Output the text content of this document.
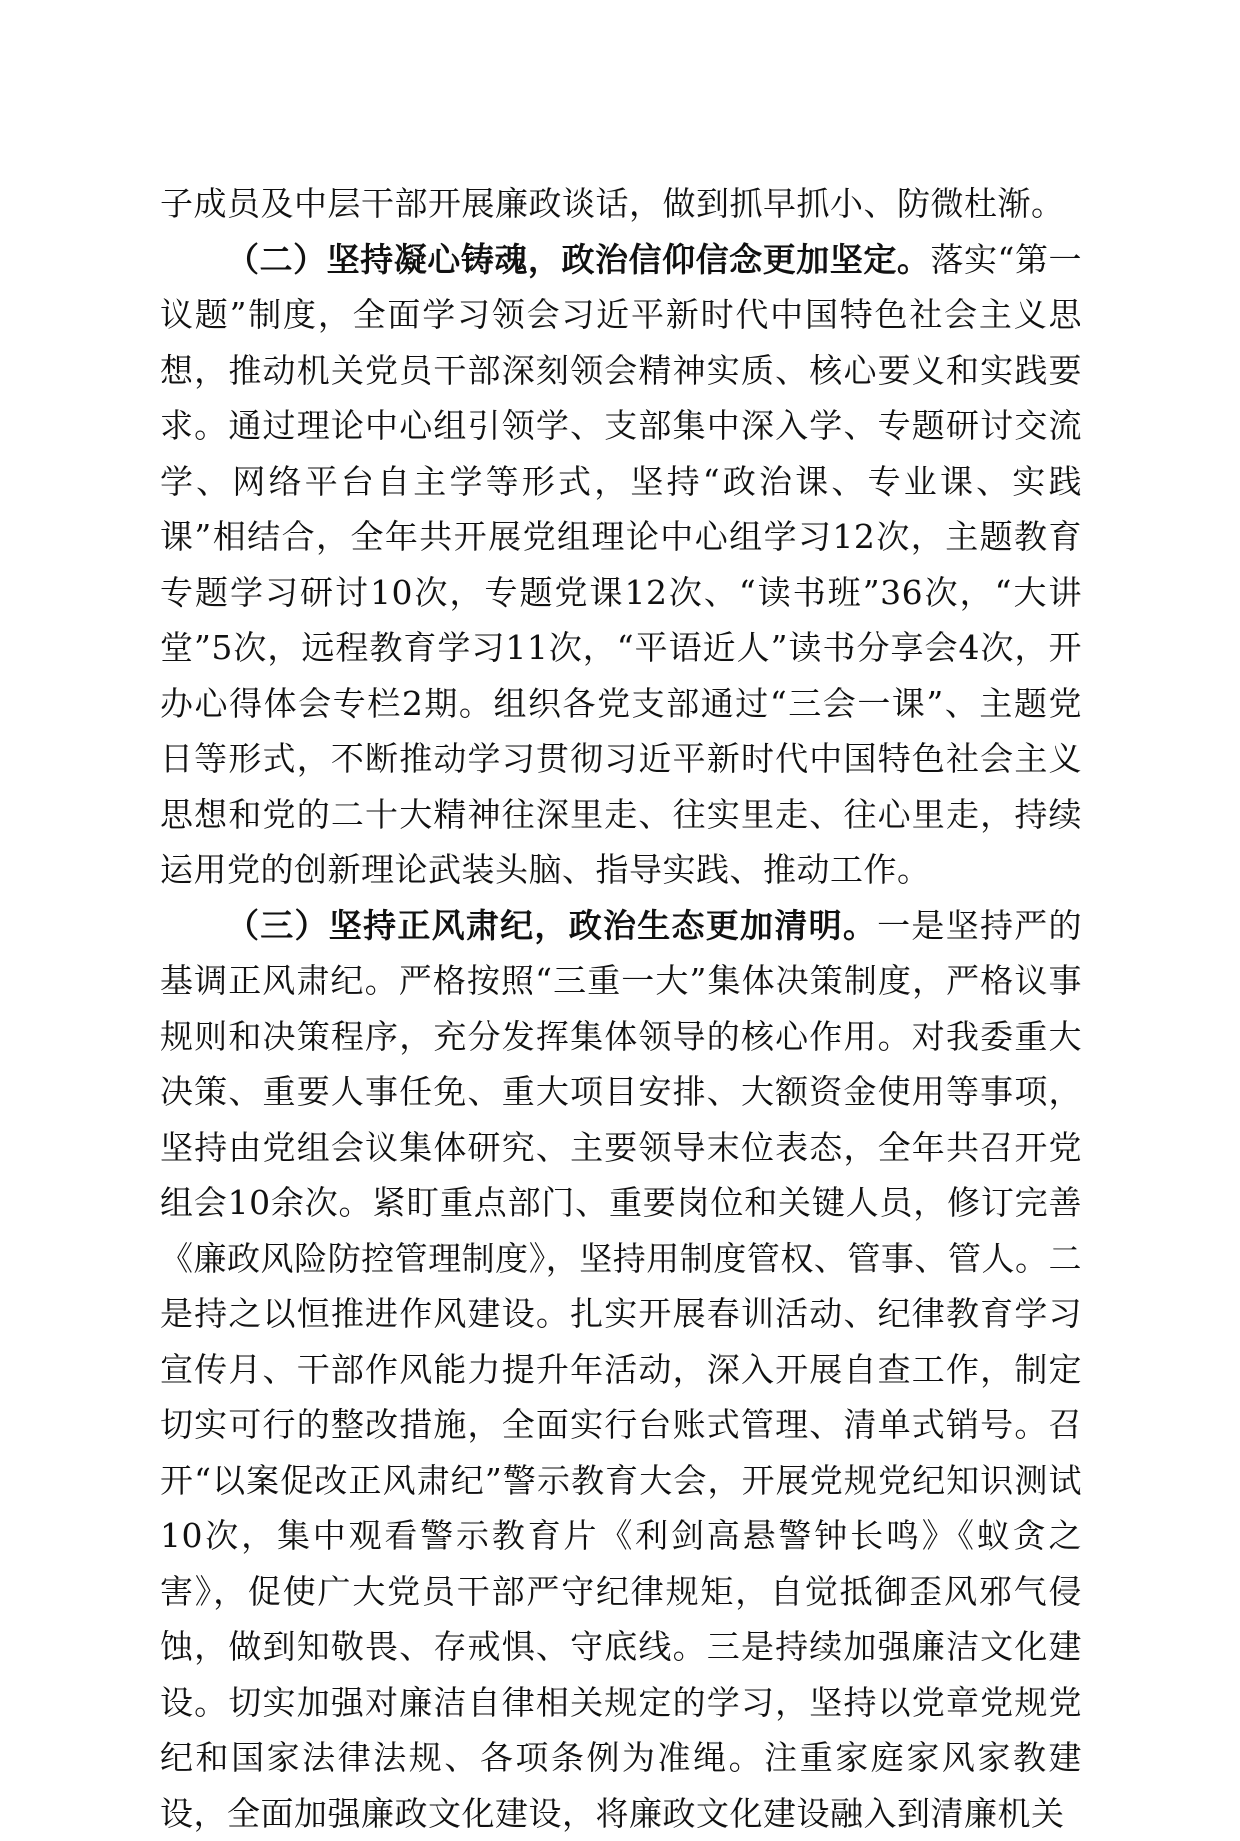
子成员及中层干部开展廉政谈话，做到抓早抓小、防微杜渐。

（二）坚持凝心铸魂，政治信仰信念更加坚定。落实“第一议题”制度，全面学习领会习近平新时代中国特色社会主义思想，推动机关党员干部深刻领会精神实质、核心要义和实践要求。通过理论中心组引领学、支部集中深入学、专题研讨交流学、网络平台自主学等形式，坚持“政治课、专业课、实践课”相结合，全年共开展党组理论中心组学习12次，主题教育专题学习研讨10次，专题党课12次、“读书班”36次，“大讲堂”5次，远程教育学习11次，“平语近人”读书分享会4次，开办心得体会专栏2期。组织各党支部通过“三会一课”、主题党日等形式，不断推动学习贯彻习近平新时代中国特色社会主义思想和党的二十大精神往深里走、往实里走、往心里走，持续运用党的创新理论武装头脑、指导实践、推动工作。

（三）坚持正风肃纪，政治生态更加清明。一是坚持严的基调正风肃纪。严格按照“三重一大”集体决策制度，严格议事规则和决策程序，充分发挥集体领导的核心作用。对我委重大决策、重要人事任免、重大项目安排、大额资金使用等事项，坚持由党组会议集体研究、主要领导末位表态，全年共召开党组会10余次。紧盯重点部门、重要岗位和关键人员，修订完善《廉政风险防控管理制度》，坚持用制度管权、管事、管人。二是持之以恒推进作风建设。扎实开展春训活动、纪律教育学习宣传月、干部作风能力提升年活动，深入开展自查工作，制定切实可行的整改措施，全面实行台账式管理、清单式销号。召开“以案促改正风肃纪”警示教育大会，开展党规党纪知识测试10次，集中观看警示教育片《利剑高悬警钟长鸣》《蚁贪之害》，促使广大党员干部严守纪律规矩，自觉抵御歪风邪气侵蚀，做到知敬畏、存戒惧、守底线。三是持续加强廉洁文化建设。切实加强对廉洁自律相关规定的学习，坚持以党章党规党纪和国家法律法规、各项条例为准绳。注重家庭家风家教建设，全面加强廉政文化建设，将廉政文化建设融入到清廉机关
